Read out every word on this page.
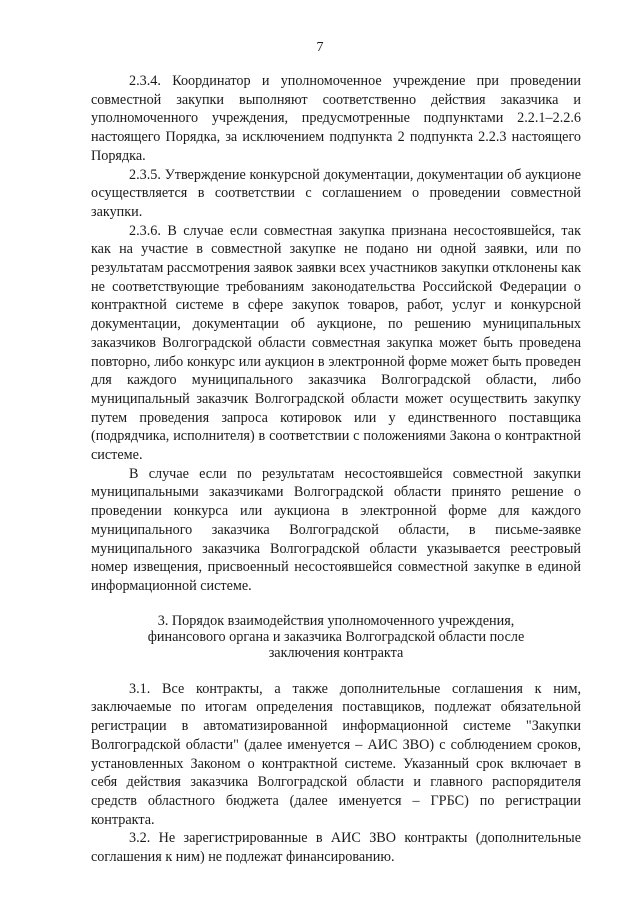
7

2.3.4. Координатор и уполномоченное учреждение при проведении совместной закупки выполняют соответственно действия заказчика и уполномоченного учреждения, предусмотренные подпунктами 2.2.1–2.2.6 настоящего Порядка, за исключением подпункта 2 подпункта 2.2.3 настоящего Порядка.

2.3.5. Утверждение конкурсной документации, документации об аукционе осуществляется в соответствии с соглашением о проведении совместной закупки.

2.3.6. В случае если совместная закупка признана несостоявшейся, так как на участие в совместной закупке не подано ни одной заявки, или по результатам рассмотрения заявок заявки всех участников закупки отклонены как не соответствующие требованиям законодательства Российской Федерации о контрактной системе в сфере закупок товаров, работ, услуг и конкурсной документации, документации об аукционе, по решению муниципальных заказчиков Волгоградской области совместная закупка может быть проведена повторно, либо конкурс или аукцион в электронной форме может быть проведен для каждого муниципального заказчика Волгоградской области, либо муниципальный заказчик Волгоградской области может осуществить закупку путем проведения запроса котировок или у единственного поставщика (подрядчика, исполнителя) в соответствии с положениями Закона о контрактной системе.

В случае если по результатам несостоявшейся совместной закупки муниципальными заказчиками Волгоградской области принято решение о проведении конкурса или аукциона в электронной форме для каждого муниципального заказчика Волгоградской области, в письме-заявке муниципального заказчика Волгоградской области указывается реестровый номер извещения, присвоенный несостоявшейся совместной закупке в единой информационной системе.

3. Порядок взаимодействия уполномоченного учреждения,
финансового органа и заказчика Волгоградской области после
заключения контракта

3.1. Все контракты, а также дополнительные соглашения к ним, заключаемые по итогам определения поставщиков, подлежат обязательной регистрации в автоматизированной информационной системе "Закупки Волгоградской области" (далее именуется – АИС ЗВО) с соблюдением сроков, установленных Законом о контрактной системе. Указанный срок включает в себя действия заказчика Волгоградской области и главного распорядителя средств областного бюджета (далее именуется – ГРБС) по регистрации контракта.

3.2. Не зарегистрированные в АИС ЗВО контракты (дополнительные соглашения к ним) не подлежат финансированию.
